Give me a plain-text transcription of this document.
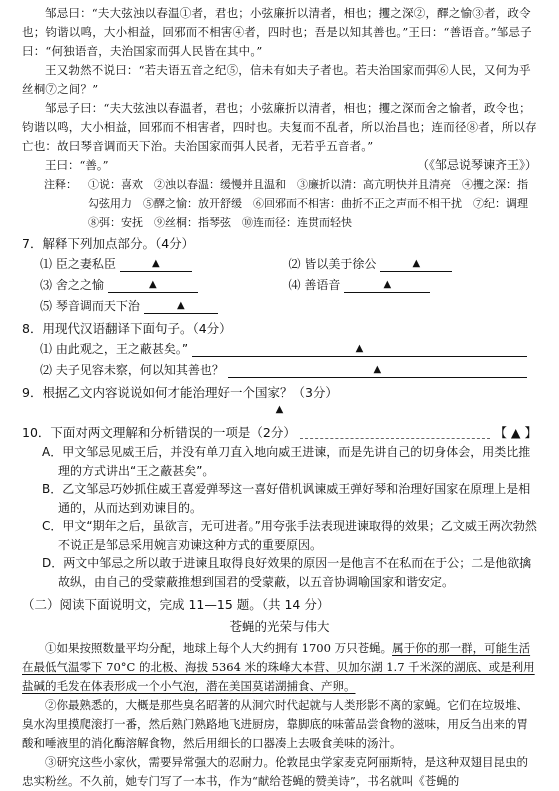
邹忌曰：“夫大弦浊以春温①者，君也；小弦廉折以清者，相也；攫之深②，醳之愉③者，政令也；钧谐以鸣，大小相益，回邪而不相害④者，四时也；吾是以知其善也。”王曰：“善语音。”邹忌子曰：“何独语音，夫治国家而弭人民皆在其中。”

王又勃然不说曰：“若夫语五音之纪⑤，信未有如夫子者也。若夫治国家而弭⑥人民，又何为乎丝桐⑦之间？”

邹忌子曰：“夫大弦浊以春温者，君也；小弦廉折以清者，相也；攫之深而舍之愉者，政令也；钧谐以鸣，大小相益，回邪而不相害者，四时也。夫复而不乱者，所以治昌也；连而径⑧者，所以存亡也：故曰琴音调而天下治。夫治国家而弭人民者，无若乎五音者。”

王曰：“善。”	（《邹忌说琴谏齐王》）
注释：	①说：喜欢　②浊以春温：缓慢并且温和　③廉折以清：高亢明快并且清亮　④攫之深：指勾弦用力　⑤醳之愉：放开舒缓　⑥回邪而不相害：曲折不正之声而不相干扰　⑦纪：调理　⑧弭：安抚　⑨丝桐：指琴弦　⑩连而径：连贯而轻快

7．解释下列加点部分。（4分）

⑴ 臣之妻私臣	▲	⑵ 皆以美于徐公	▲
⑶ 舍之之愉	▲	⑷ 善语音	▲
⑸ 琴音调而天下治	▲

8．用现代汉语翻译下面句子。（4分）

⑴ 由此观之，王之蔽甚矣。”	▲
⑵ 夫子见容未察，何以知其善也？	▲

9．根据乙文内容说说如何才能治理好一个国家？（3分）

▲
10．下面对两文理解和分析错误的一项是（2分）	【 ▲ 】

A．甲文邹忌见威王后，并没有单刀直入地向威王进谏，而是先讲自己的切身体会，用类比推理的方式讲出“王之蔽甚矣”。

B．乙文邹忌巧妙抓住威王喜爱弹琴这一喜好借机讽谏威王弹好琴和治理好国家在原理上是相通的，从而达到劝谏目的。

C．甲文“期年之后，虽欲言，无可进者。”用夸张手法表现进谏取得的效果；乙文威王两次勃然不说正是邹忌采用婉言劝谏这种方式的重要原因。

D．两文中邹忌之所以敢于进谏且取得良好效果的原因一是他言不在私而在于公；二是他欲擒故纵，由自己的受蒙蔽推想到国君的受蒙蔽，以五音协调喻国家和谐安定。

（二）阅读下面说明文，完成 11—15 题。（共 14 分）

苍蝇的光荣与伟大

①如果按照数量平均分配，地球上每个人大约拥有 1700 万只苍蝇。属于你的那一群，可能生活在最低气温零下 70°C 的北极、海拔 5364 米的珠峰大本营、贝加尔湖 1.7 千米深的湖底、或是利用盐碱的毛发在体表形成一个小气泡，潜在美国莫诺湖捕食、产卵。

②你最熟悉的，大概是那些臭名昭著的从洞穴时代起就与人类形影不离的家蝇。它们在垃圾堆、臭水沟里摸爬滚打一番，然后熟门熟路地飞进厨房，靠脚底的味蕾品尝食物的滋味，用反刍出来的胃酸和唾液里的消化酶溶解食物，然后用细长的口器凑上去吸食美味的汤汁。

③研究这些小家伙，需要异常强大的忍耐力。伦敦昆虫学家麦克阿丽斯特，是这种双翅目昆虫的忠实粉丝。不久前，她专门写了一本书，作为“献给苍蝇的赞美诗”，书名就叫《苍蝇的
